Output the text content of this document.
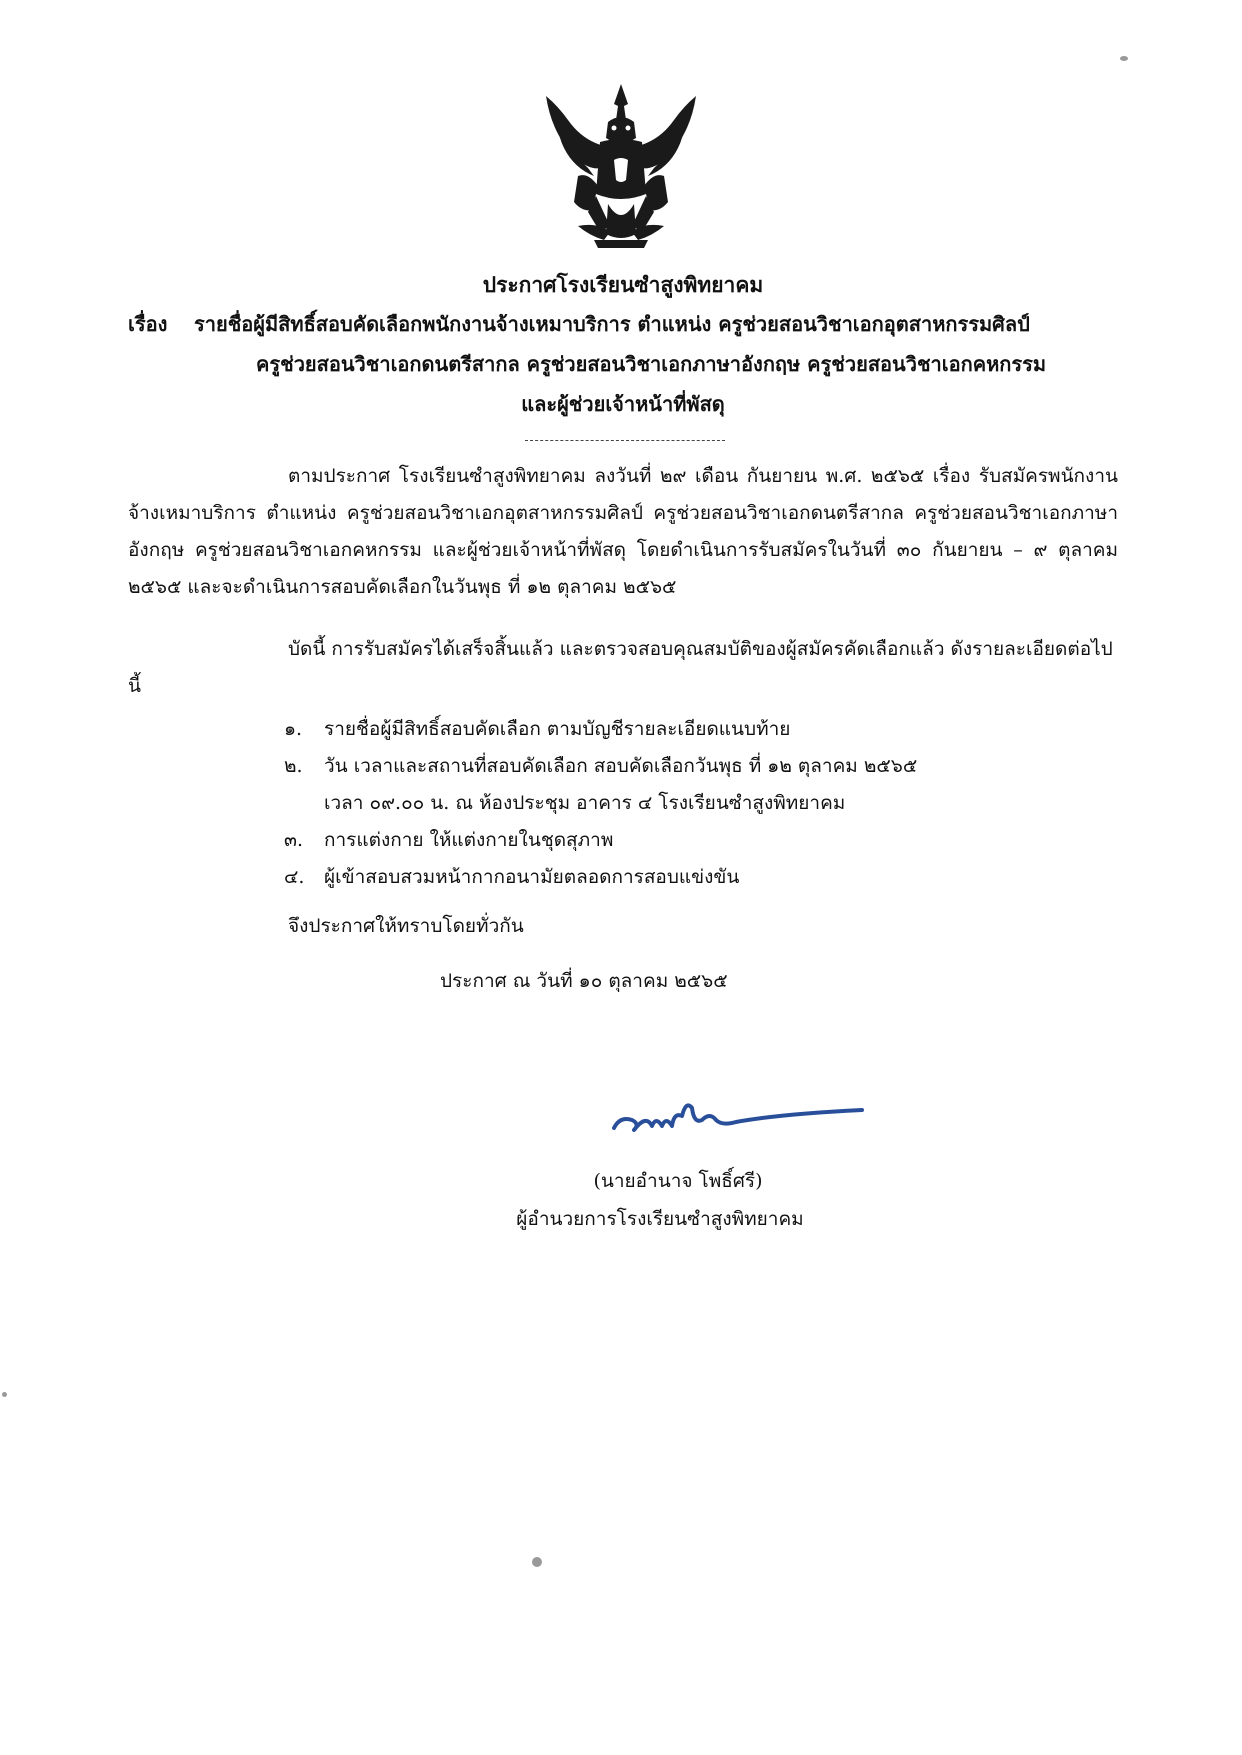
ประกาศโรงเรียนซำสูงพิทยาคม
เรื่อง	รายชื่อผู้มีสิทธิ์สอบคัดเลือกพนักงานจ้างเหมาบริการ ตำแหน่ง ครูช่วยสอนวิชาเอกอุตสาหกรรมศิลป์
ครูช่วยสอนวิชาเอกดนตรีสากล ครูช่วยสอนวิชาเอกภาษาอังกฤษ ครูช่วยสอนวิชาเอกคหกรรม
และผู้ช่วยเจ้าหน้าที่พัสดุ
ตามประกาศ โรงเรียนซำสูงพิทยาคม ลงวันที่ ๒๙ เดือน กันยายน พ.ศ. ๒๕๖๕ เรื่อง รับสมัครพนักงานจ้างเหมาบริการ ตำแหน่ง ครูช่วยสอนวิชาเอกอุตสาหกรรมศิลป์ ครูช่วยสอนวิชาเอกดนตรีสากล ครูช่วยสอนวิชาเอกภาษาอังกฤษ ครูช่วยสอนวิชาเอกคหกรรม และผู้ช่วยเจ้าหน้าที่พัสดุ โดยดำเนินการรับสมัครในวันที่ ๓๐ กันยายน – ๙ ตุลาคม ๒๕๖๕ และจะดำเนินการสอบคัดเลือกในวันพุธ ที่ ๑๒ ตุลาคม ๒๕๖๕
บัดนี้ การรับสมัครได้เสร็จสิ้นแล้ว และตรวจสอบคุณสมบัติของผู้สมัครคัดเลือกแล้ว ดังรายละเอียดต่อไปนี้
๑.	รายชื่อผู้มีสิทธิ์สอบคัดเลือก ตามบัญชีรายละเอียดแนบท้าย
๒.	วัน เวลาและสถานที่สอบคัดเลือก สอบคัดเลือกวันพุธ ที่ ๑๒ ตุลาคม ๒๕๖๕
เวลา ๐๙.๐๐ น. ณ ห้องประชุม อาคาร ๔ โรงเรียนซำสูงพิทยาคม
๓.	การแต่งกาย ให้แต่งกายในชุดสุภาพ
๔.	ผู้เข้าสอบสวมหน้ากากอนามัยตลอดการสอบแข่งขัน
จึงประกาศให้ทราบโดยทั่วกัน
ประกาศ ณ วันที่ ๑๐ ตุลาคม ๒๕๖๕
(นายอำนาจ โพธิ์ศรี)
ผู้อำนวยการโรงเรียนซำสูงพิทยาคม
